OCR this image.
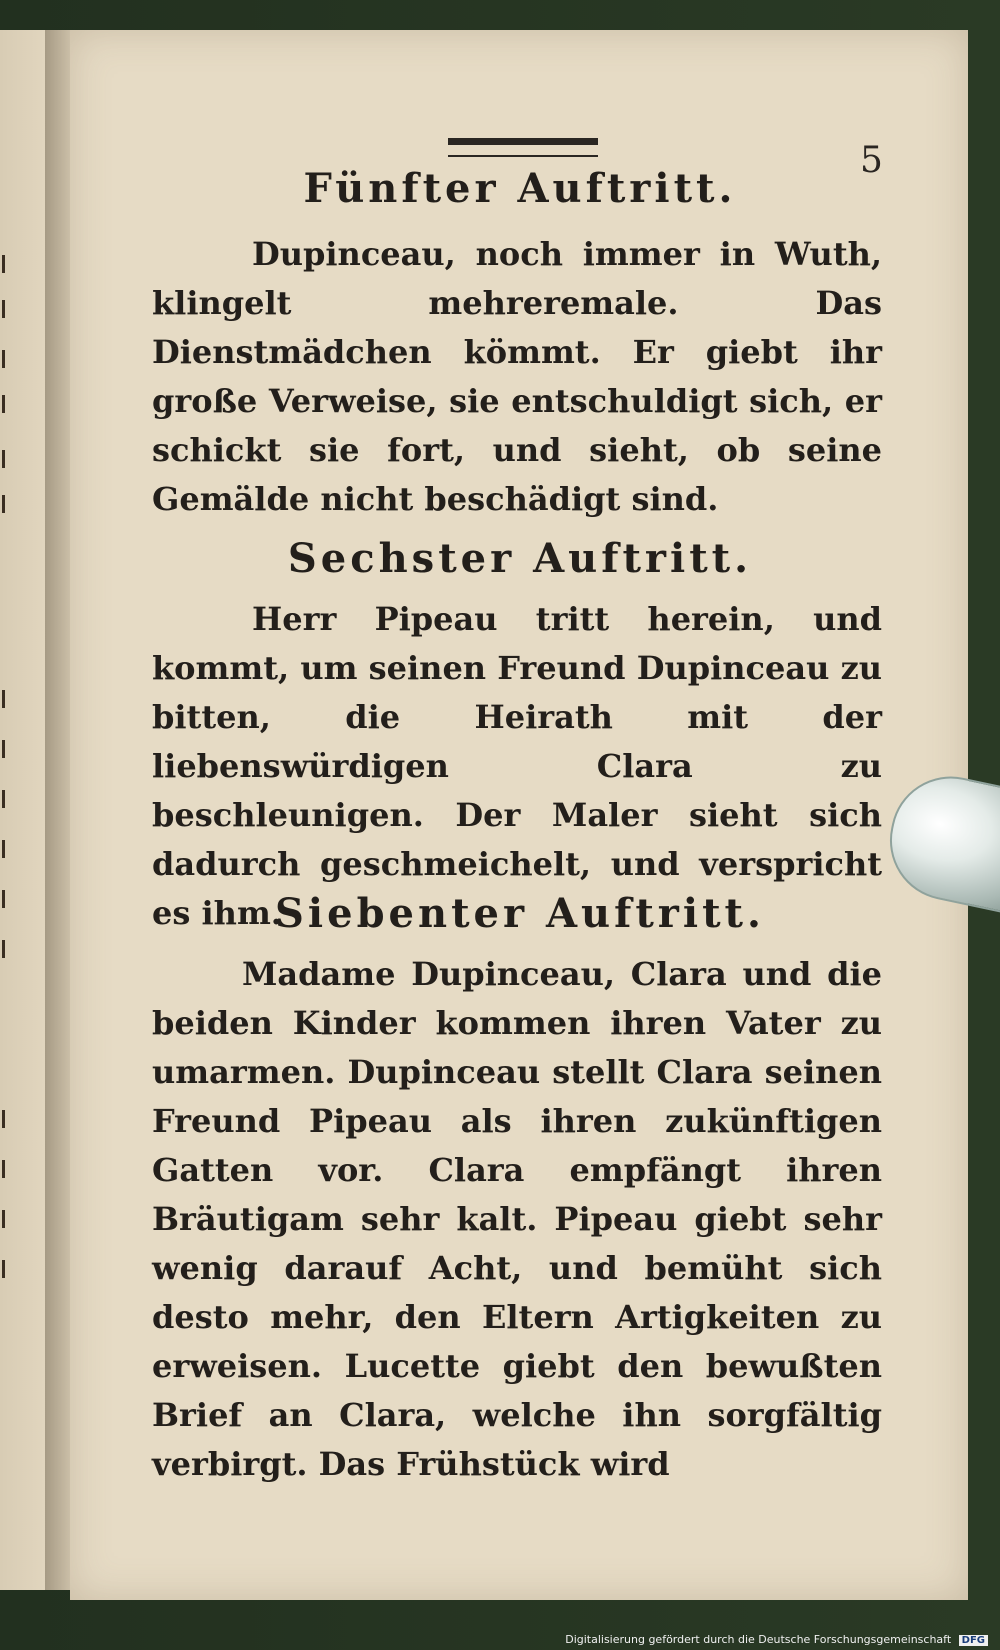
5
Fünfter Auftritt.
Dupinceau, noch immer in Wuth, klingelt mehreremale. Das Dienstmädchen kömmt. Er giebt ihr große Verweise, sie entschuldigt sich, er schickt sie fort, und sieht, ob seine Gemälde nicht beschädigt sind.
Sechster Auftritt.
Herr Pipeau tritt herein, und kommt, um seinen Freund Dupinceau zu bitten, die Heirath mit der liebenswürdigen Clara zu beschleunigen. Der Maler sieht sich dadurch geschmeichelt, und verspricht es ihm.
Siebenter Auftritt.
Madame Dupinceau, Clara und die beiden Kinder kommen ihren Vater zu umarmen. Dupinceau stellt Clara seinen Freund Pipeau als ihren zukünftigen Gatten vor. Clara empfängt ihren Bräutigam sehr kalt. Pipeau giebt sehr wenig darauf Acht, und bemüht sich desto mehr, den Eltern Artigkeiten zu erweisen. Lucette giebt den bewußten Brief an Clara, welche ihn sorgfältig verbirgt. Das Frühstück wird
Digitalisierung gefördert durch die Deutsche Forschungsgemeinschaft DFG
